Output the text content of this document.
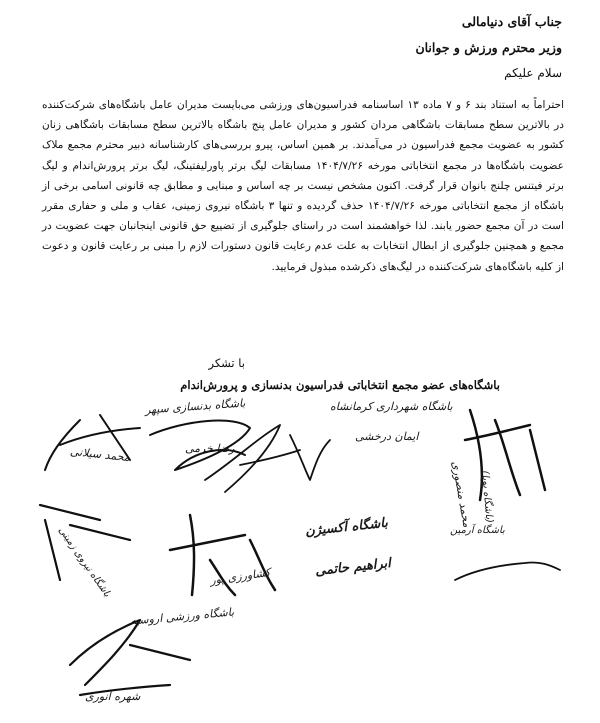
جناب آقای دنیامالی
وزیر محترم ورزش و جوانان
سلام علیکم
احتراماً به استناد بند ۶ و ۷ ماده ۱۳ اساسنامه فدراسیون‌های ورزشی می‌بایست مدیران عامل باشگاه‌های شرکت‌کننده در بالاترین سطح مسابقات باشگاهی مردان کشور و مدیران عامل پنج باشگاه بالاترین سطح مسابقات باشگاهی زنان کشور به عضویت مجمع فدراسیون در می‌آمدند. بر همین اساس، پیرو بررسی‌های کارشناسانه دبیر محترم مجمع ملاک عضویت باشگاه‌ها در مجمع انتخاباتی مورخه ۱۴۰۴/۷/۲۶ مسابقات لیگ برتر پاورلیفتینگ، لیگ برتر پرورش‌اندام و لیگ برتر فیتنس چلنج بانوان قرار گرفت. اکنون مشخص نیست بر چه اساس و مبنایی و مطابق چه قانونی اسامی برخی از باشگاه از مجمع انتخاباتی مورخه ۱۴۰۴/۷/۲۶ حذف گردیده و تنها ۳ باشگاه نیروی زمینی، عقاب و ملی و حفاری مقرر است در آن مجمع حضور یابند. لذا خواهشمند است در راستای جلوگیری از تضییع حق قانونی اینجانبان جهت عضویت در مجمع و همچنین جلوگیری از ابطال انتخابات به علت عدم رعایت قانون دستورات لازم را مبنی بر رعایت قانون و دعوت از کلیه باشگاه‌های شرکت‌کننده در لیگ‌های ذکرشده مبذول فرمایید.
با تشکر
باشگاه‌های عضو مجمع انتخاباتی فدراسیون بدنسازی و پرورش‌اندام
باشگاه بدنسازی سپهر	باشگاه شهرداری کرمانشاه
ایمان درخشی
رضا خرمی
محمد سیلانی
محمد منصوری (باشگاه پویا)
باشگاه آکسیژن
ابراهیم حاتمی
کشاورزی پور
باشگاه نیروی زمینی	باشگاه آرمین
باشگاه ورزشی اروسیه
شهره انوری
